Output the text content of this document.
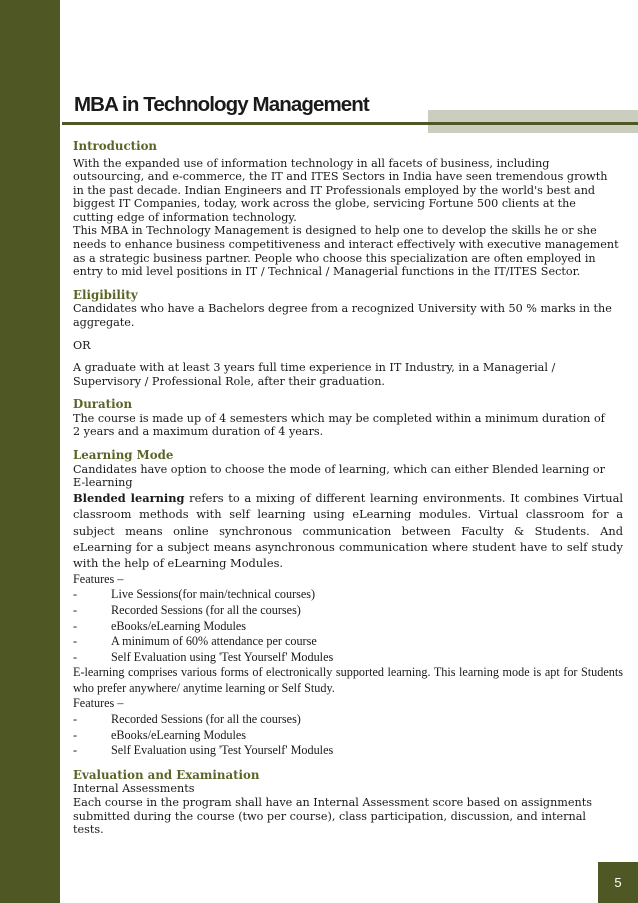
MBA in Technology Management
Introduction
With the expanded use of information technology in all facets of business, including
outsourcing, and e-commerce, the IT and ITES Sectors in India have seen tremendous growth
in the past decade. Indian Engineers and IT Professionals employed by the world's best and
biggest IT Companies, today, work across the globe, servicing Fortune 500 clients at the
cutting edge of information technology.
This MBA in Technology Management is designed to help one to develop the skills he or she
needs to enhance business competitiveness and interact effectively with executive management
as a strategic business partner. People who choose this specialization are often employed in
entry to mid level positions in IT / Technical / Managerial functions in the IT/ITES Sector.
Eligibility
Candidates who have a Bachelors degree from a recognized University with 50 % marks in the
aggregate.
OR
A graduate with at least 3 years full time experience in IT Industry, in a Managerial /
Supervisory / Professional Role, after their graduation.
Duration
The course is made up of 4 semesters which may be completed within a minimum duration of
2 years and a maximum duration of 4 years.
Learning Mode
Candidates have option to choose the mode of learning, which can either Blended learning or
E-learning
Blended learning refers to a mixing of different learning environments. It combines Virtual classroom methods with self learning using eLearning modules. Virtual classroom for a subject means online synchronous communication between Faculty & Students. And eLearning for a subject means asynchronous communication where student have to self study with the help of eLearning Modules.
Features –
-	Live Sessions(for main/technical courses)
-	Recorded Sessions (for all the courses)
-	eBooks/eLearning Modules
-	A minimum of 60% attendance per course
-	Self Evaluation using 'Test Yourself' Modules
E-learning comprises various forms of electronically supported learning. This learning mode is apt for Students who prefer anywhere/ anytime learning or Self Study.
Features –
-	Recorded Sessions (for all the courses)
-	eBooks/eLearning Modules
-	Self Evaluation using 'Test Yourself' Modules
Evaluation and Examination
Internal Assessments
Each course in the program shall have an Internal Assessment score based on assignments
submitted during the course (two per course), class participation, discussion, and internal
tests.
5
